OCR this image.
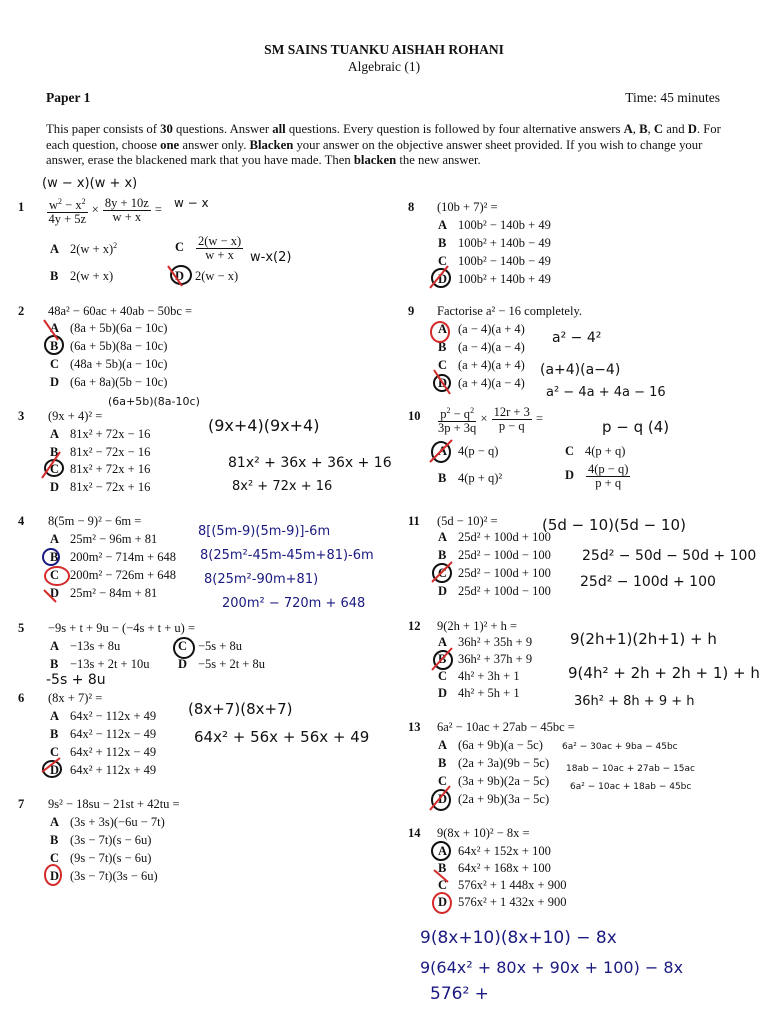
SM SAINS TUANKU AISHAH ROHANI
Algebraic (1)
Paper 1	Time: 45 minutes
This paper consists of 30 questions. Answer all questions. Every question is followed by four alternative answers A, B, C and D. For each question, choose one answer only. Blacken your answer on the objective answer sheet provided. If you wish to change your answer, erase the blackened mark that you have made. Then blacken the new answer.
$1 \frac{w^2 - x^2}{4y + 5z} \times \frac{8y + 10z}{w + x}$ =
A $2(w + x)^2$	C $\frac{2(w - x)}{w + x}$
B 2(w + x)	D 2(w − x)
2 48a² − 60ac + 40ab − 50bc =
A (8a + 5b)(6a − 10c)
B (6a + 5b)(8a − 10c)
C (48a + 5b)(a − 10c)
D (6a + 8a)(5b − 10c)
3 (9x + 4)² =
A 81x² + 72x − 16
B 81x² − 72x − 16
C 81x² + 72x + 16
D 81x² − 72x + 16
4 8(5m − 9)² − 6m =
A 25m² − 96m + 81
B 200m² − 714m + 648
C 200m² − 726m + 648
D 25m² − 84m + 81
5 −9s + t + 9u − (−4s + t + u) =
A −13s + 8u	C −5s + 8u
B −13s + 2t + 10u D −5s + 2t + 8u
6 (8x + 7)² =
A 64x² − 112x + 49
B 64x² − 112x − 49
C 64x² + 112x − 49
D 64x² + 112x + 49
7 9s² − 18su − 21st + 42tu =
A (3s + 3s)(−6u − 7t)
B (3s − 7t)(s − 6u)
C (9s − 7t)(s − 6u)
D (3s − 7t)(3s − 6u)
8 (10b + 7)² =
A 100b² − 140b + 49
B 100b² + 140b − 49
C 100b² − 140b − 49
D 100b² + 140b + 49
9 Factorise a² − 16 completely.
A (a − 4)(a + 4)
B (a − 4)(a − 4)
C (a + 4)(a + 4)
D (a + 4)(a − 4)
$10 \frac{p^2 - q^2}{3p + 3q} \times \frac{12r + 3}{p - q}$ =
A 4(p − q)	C 4(p + q)
B 4(p + q)²	D $\frac{4(p - q)}{p + q}$
11 (5d − 10)² =
A 25d² + 100d + 100
B 25d² − 100d − 100
C 25d² − 100d + 100
D 25d² + 100d − 100
12 9(2h + 1)² + h =
A 36h² + 35h + 9
B 36h² + 37h + 9
C 4h² + 3h + 1
D 4h² + 5h + 1
13 6a² − 10ac + 27ab − 45bc =
A (6a + 9b)(a − 5c)
B (2a + 3a)(9b − 5c)
C (3a + 9b)(2a − 5c)
D (2a + 9b)(3a − 5c)
14 9(8x + 10)² − 8x =
A 64x² + 152x + 100
B 64x² + 168x + 100
C 576x² + 1 448x + 900
D 576x² + 1 432x + 900
(w − x)(w + x)
w − x
w-x(2)
(6a+5b)(8a-10c)
(9x+4)(9x+4)
81x² + 36x + 36x + 16
8x² + 72x + 16
8[(5m-9)(5m-9)]-6m
8(25m²-45m-45m+81)-6m
8(25m²-90m+81)
200m² − 720m + 648
-5s + 8u
(8x+7)(8x+7)
64x² + 56x + 56x + 49
a² − 4²
(a+4)(a−4)
a² − 4a + 4a − 16
p − q (4)
(5d − 10)(5d − 10)
25d² − 50d − 50d + 100
25d² − 100d + 100
9(2h+1)(2h+1) + h
9(4h² + 2h + 2h + 1) + h
36h² + 8h + 9 + h
6a² − 30ac + 9ba − 45bc
18ab − 10ac + 27ab − 15ac
6a² − 10ac + 18ab − 45bc
9(8x+10)(8x+10) − 8x
9(64x² + 80x + 90x + 100) − 8x
576² +
